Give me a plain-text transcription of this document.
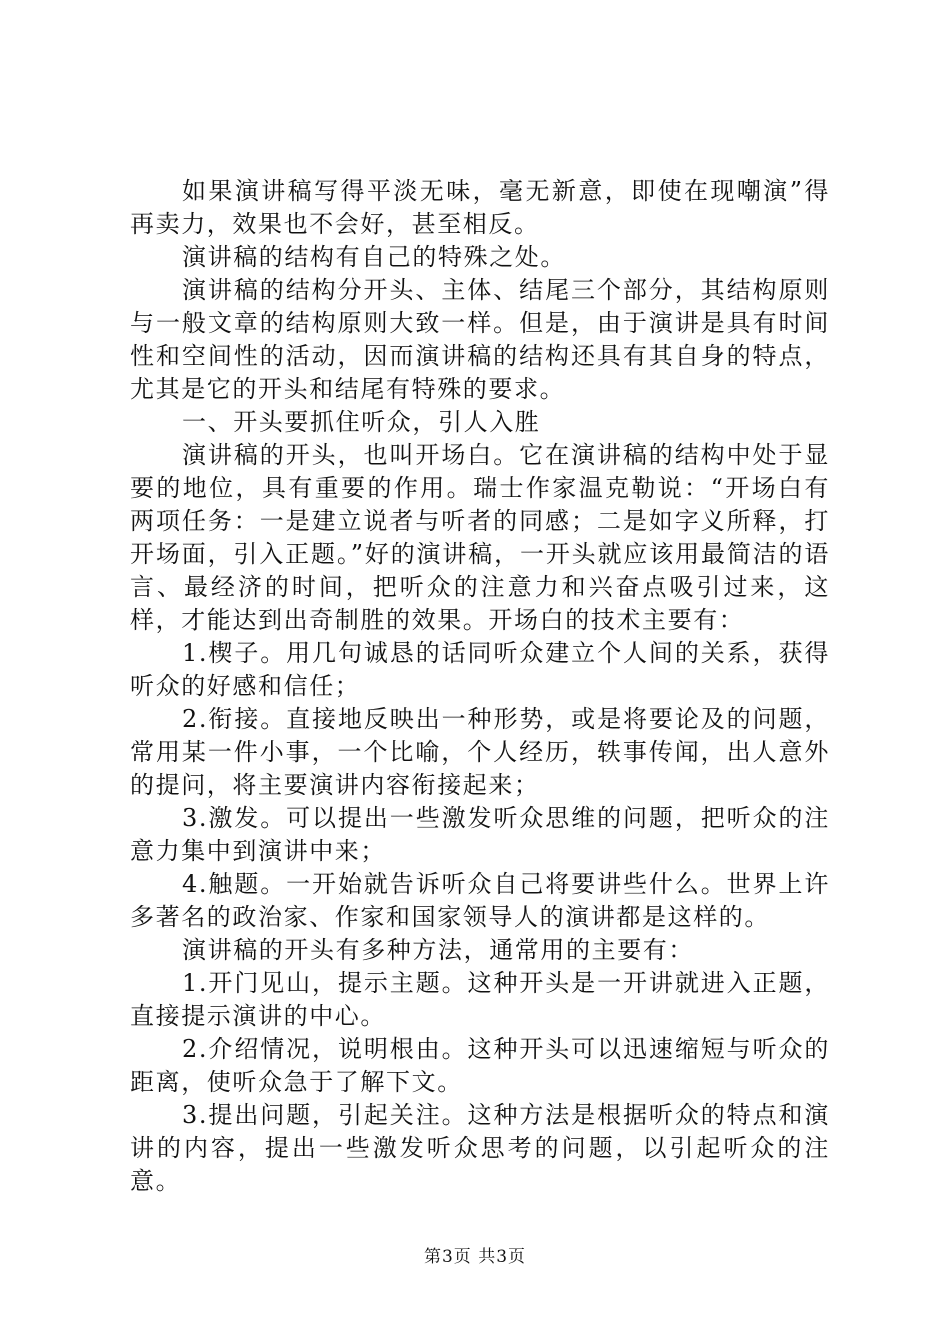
如果演讲稿写得平淡无味，毫无新意，即使在现嘲演”得再卖力，效果也不会好，甚至相反。

演讲稿的结构有自己的特殊之处。

演讲稿的结构分开头、主体、结尾三个部分，其结构原则与一般文章的结构原则大致一样。但是，由于演讲是具有时间性和空间性的活动，因而演讲稿的结构还具有其自身的特点，尤其是它的开头和结尾有特殊的要求。

一、开头要抓住听众，引人入胜

演讲稿的开头，也叫开场白。它在演讲稿的结构中处于显要的地位，具有重要的作用。瑞士作家温克勒说：“开场白有两项任务：一是建立说者与听者的同感；二是如字义所释，打开场面，引入正题。”好的演讲稿，一开头就应该用最简洁的语言、最经济的时间，把听众的注意力和兴奋点吸引过来，这样，才能达到出奇制胜的效果。开场白的技术主要有：

1.楔子。用几句诚恳的话同听众建立个人间的关系，获得听众的好感和信任；

2.衔接。直接地反映出一种形势，或是将要论及的问题，常用某一件小事，一个比喻，个人经历，轶事传闻，出人意外的提问，将主要演讲内容衔接起来；

3.激发。可以提出一些激发听众思维的问题，把听众的注意力集中到演讲中来；

4.触题。一开始就告诉听众自己将要讲些什么。世界上许多著名的政治家、作家和国家领导人的演讲都是这样的。

演讲稿的开头有多种方法，通常用的主要有：

1.开门见山，提示主题。这种开头是一开讲就进入正题，直接提示演讲的中心。

2.介绍情况，说明根由。这种开头可以迅速缩短与听众的距离，使听众急于了解下文。

3.提出问题，引起关注。这种方法是根据听众的特点和演讲的内容，提出一些激发听众思考的问题，以引起听众的注意。

第3页 共3页
